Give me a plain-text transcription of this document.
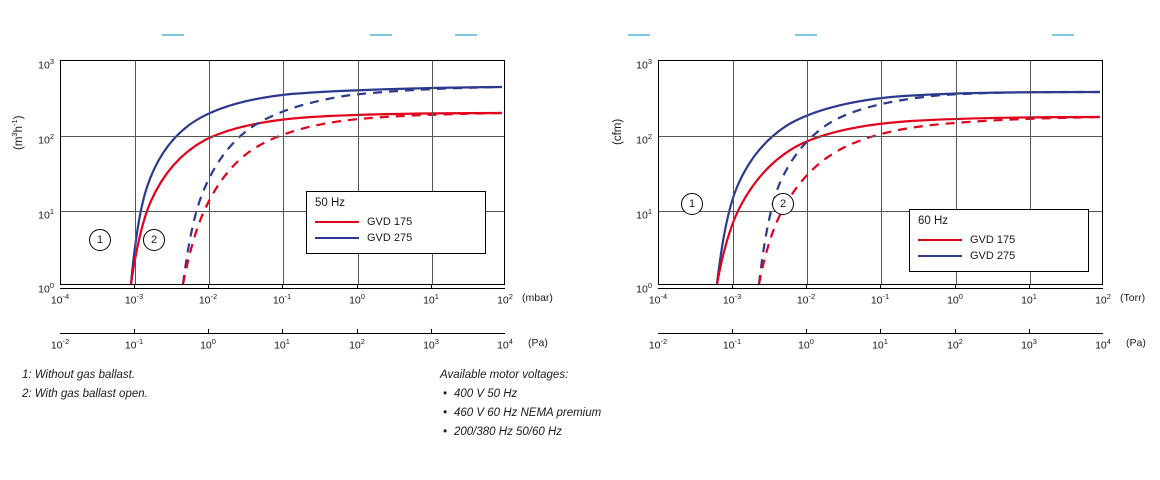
$(m^3h^{-1})$
$10^3$
$10^2$
$10^1$
$10^0$
1	2
50 Hz
GVD 175
GVD 275
$10^{-4}$	$10^{-3}$	$10^{-2}$	$10^{-1}$	$10^0$	$10^1$	$10^2$ (mbar)
$10^{-2}$	$10^{-1}$	$10^0$	$10^1$	$10^2$	$10^3$	$10^4$ (Pa)
(cfm)
$10^3$
$10^2$
$10^1$
$10^0$
1	2
60 Hz
GVD 175
GVD 275
$10^{-4}$	$10^{-3}$	$10^{-2}$	$10^{-1}$	$10^0$	$10^1$	$10^2$ (Torr)
$10^{-2}$	$10^{-1}$	$10^0$	$10^1$	$10^2$	$10^3$	$10^4$ (Pa)
1: Without gas ballast.
2: With gas ballast open.
Available motor voltages:
• 400 V 50 Hz
• 460 V 60 Hz NEMA premium
• 200/380 Hz 50/60 Hz
